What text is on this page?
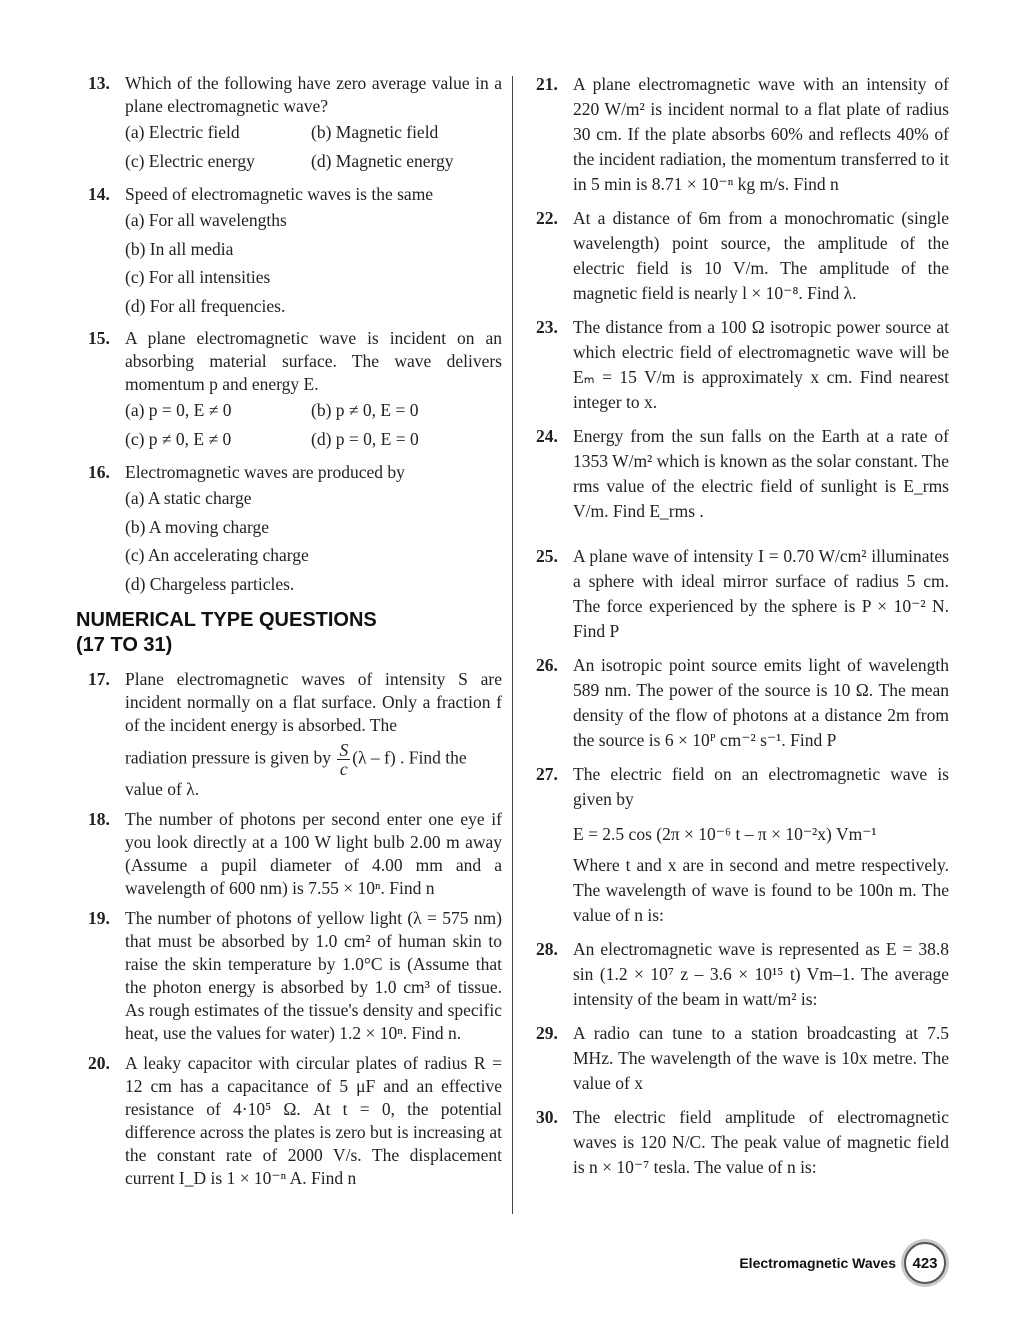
13. Which of the following have zero average value in a plane electromagnetic wave?
(a) Electric field	(b) Magnetic field
(c) Electric energy	(d) Magnetic energy
14. Speed of electromagnetic waves is the same
(a) For all wavelengths
(b) In all media
(c) For all intensities
(d) For all frequencies.
15. A plane electromagnetic wave is incident on an absorbing material surface. The wave delivers momentum p and energy E.
(a) p = 0, E ≠ 0	(b) p ≠ 0, E = 0
(c) p ≠ 0, E ≠ 0	(d) p = 0, E = 0
16. Electromagnetic waves are produced by
(a) A static charge
(b) A moving charge
(c) An accelerating charge
(d) Chargeless particles.
NUMERICAL TYPE QUESTIONS
(17 TO 31)
17. Plane electromagnetic waves of intensity S are incident normally on a flat surface. Only a fraction f of the incident energy is absorbed. The
radiation pressure is given by $\frac{S}{c} (\lambda - f)$ . Find the
value of λ.
18. The number of photons per second enter one eye if you look directly at a 100 W light bulb 2.00 m away (Assume a pupil diameter of 4.00 mm and a wavelength of 600 nm) is 7.55 × 10ⁿ. Find n
19. The number of photons of yellow light (λ = 575 nm) that must be absorbed by 1.0 cm² of human skin to raise the skin temperature by 1.0°C is (Assume that the photon energy is absorbed by 1.0 cm³ of tissue. As rough estimates of the tissue's density and specific heat, use the values for water) 1.2 × 10ⁿ. Find n.
20. A leaky capacitor with circular plates of radius R = 12 cm has a capacitance of 5 μF and an effective resistance of 4·10⁵ Ω. At t = 0, the potential difference across the plates is zero but is increasing at the constant rate of 2000 V/s. The displacement current I_D is 1 × 10⁻ⁿ A. Find n
21. A plane electromagnetic wave with an intensity of 220 W/m² is incident normal to a flat plate of radius 30 cm. If the plate absorbs 60% and reflects 40% of the incident radiation, the momentum transferred to it in 5 min is 8.71 × 10⁻ⁿ kg m/s. Find n
22. At a distance of 6m from a monochromatic (single wavelength) point source, the amplitude of the electric field is 10 V/m. The amplitude of the magnetic field is nearly l × 10⁻⁸. Find λ.
23. The distance from a 100 Ω isotropic power source at which electric field of electromagnetic wave will be Eₘ = 15 V/m is approximately x cm. Find nearest integer to x.
24. Energy from the sun falls on the Earth at a rate of 1353 W/m² which is known as the solar constant. The rms value of the electric field of sunlight is E_rms V/m. Find E_rms .
25. A plane wave of intensity I = 0.70 W/cm² illuminates a sphere with ideal mirror surface of radius 5 cm. The force experienced by the sphere is P × 10⁻² N. Find P
26. An isotropic point source emits light of wavelength 589 nm. The power of the source is 10 Ω. The mean density of the flow of photons at a distance 2m from the source is 6 × 10ᴾ cm⁻² s⁻¹. Find P
27. The electric field on an electromagnetic wave is given by
E = 2.5 cos (2π × 10⁻⁶ t – π × 10⁻²x) Vm⁻¹
Where t and x are in second and metre respectively. The wavelength of wave is found to be 100n m. The value of n is:
28. An electromagnetic wave is represented as E = 38.8 sin (1.2 × 10⁷ z – 3.6 × 10¹⁵ t) Vm–1. The average intensity of the beam in watt/m² is:
29. A radio can tune to a station broadcasting at 7.5 MHz. The wavelength of the wave is 10x metre. The value of x
30. The electric field amplitude of electromagnetic waves is 120 N/C. The peak value of magnetic field is n × 10⁻⁷ tesla. The value of n is:
Electromagnetic Waves	423
